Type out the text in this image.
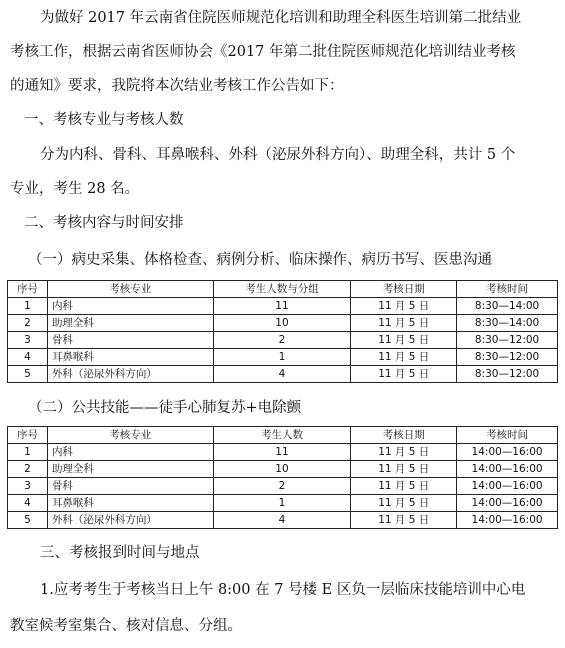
为做好 2017 年云南省住院医师规范化培训和助理全科医生培训第二批结业
考核工作，根据云南省医师协会《2017 年第二批住院医师规范化培训结业考核
的通知》要求，我院将本次结业考核工作公告如下：
一、考核专业与考核人数
分为内科、骨科、耳鼻喉科、外科（泌尿外科方向）、助理全科，共计 5 个
专业，考生 28 名。
二、考核内容与时间安排
（一）病史采集、体格检查、病例分析、临床操作、病历书写、医患沟通
序号	考核专业	考生人数与分组	考核日期	考核时间
1	内科	11	11 月 5 日	8:30—14:00
2	助理全科	10	11 月 5 日	8:30—14:00
3	骨科	2	11 月 5 日	8:30—12:00
4	耳鼻喉科	1	11 月 5 日	8:30—12:00
5	外科（泌尿外科方向）	4	11 月 5 日	8:30—12:00
（二）公共技能——徒手心肺复苏+电除颤
序号	考核专业	考生人数	考核日期	考核时间
1	内科	11	11 月 5 日	14:00—16:00
2	助理全科	10	11 月 5 日	14:00—16:00
3	骨科	2	11 月 5 日	14:00—16:00
4	耳鼻喉科	1	11 月 5 日	14:00—16:00
5	外科（泌尿外科方向）	4	11 月 5 日	14:00—16:00
三、考核报到时间与地点
1.应考考生于考核当日上午 8:00 在 7 号楼 E 区负一层临床技能培训中心电
教室候考室集合、核对信息、分组。
